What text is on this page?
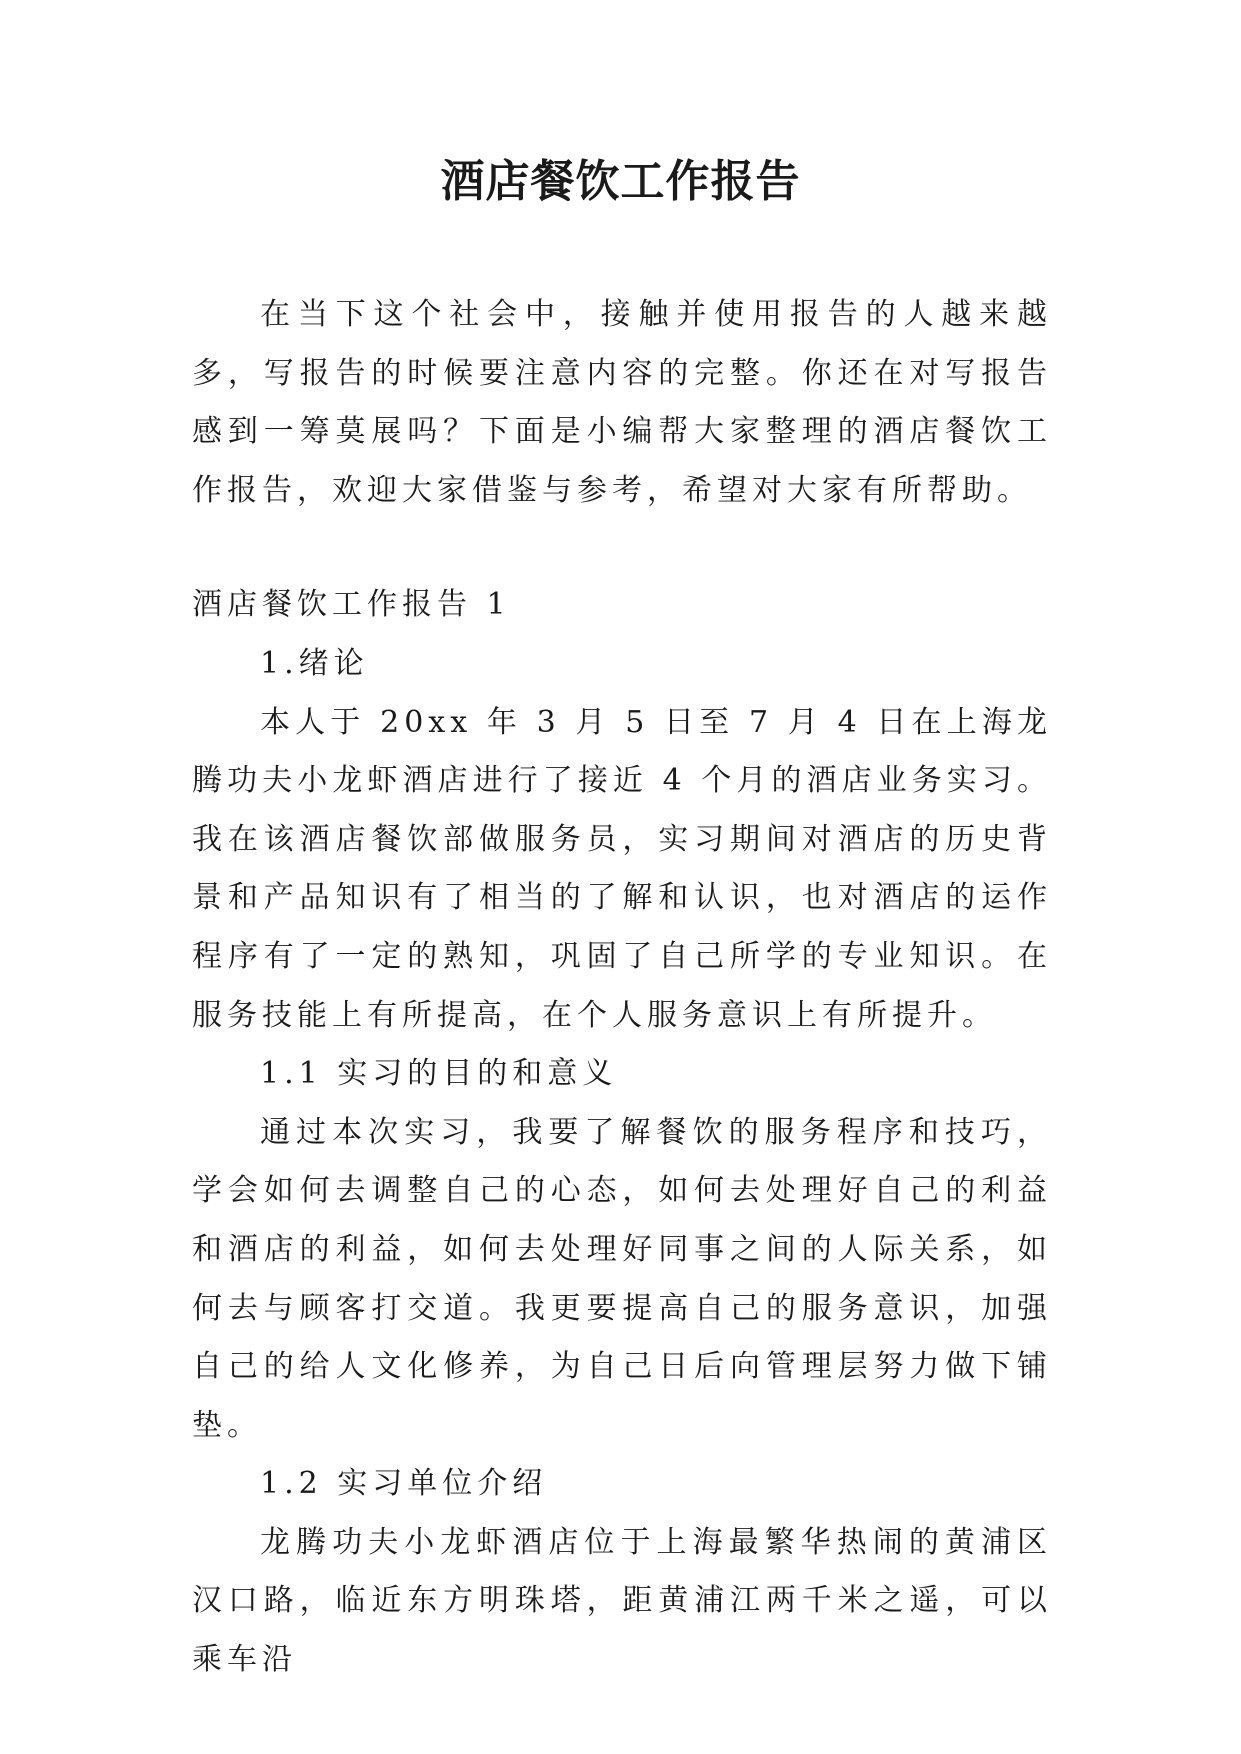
酒店餐饮工作报告

在当下这个社会中，接触并使用报告的人越来越多，写报告的时候要注意内容的完整。你还在对写报告感到一筹莫展吗？下面是小编帮大家整理的酒店餐饮工作报告，欢迎大家借鉴与参考，希望对大家有所帮助。

酒店餐饮工作报告 1

1.绪论

本人于 20xx 年 3 月 5 日至 7 月 4 日在上海龙腾功夫小龙虾酒店进行了接近 4 个月的酒店业务实习。我在该酒店餐饮部做服务员，实习期间对酒店的历史背景和产品知识有了相当的了解和认识，也对酒店的运作程序有了一定的熟知，巩固了自己所学的专业知识。在服务技能上有所提高，在个人服务意识上有所提升。

1.1 实习的目的和意义

通过本次实习，我要了解餐饮的服务程序和技巧，学会如何去调整自己的心态，如何去处理好自己的利益和酒店的利益，如何去处理好同事之间的人际关系，如何去与顾客打交道。我更要提高自己的服务意识，加强自己的给人文化修养，为自己日后向管理层努力做下铺垫。

1.2 实习单位介绍

龙腾功夫小龙虾酒店位于上海最繁华热闹的黄浦区汉口路，临近东方明珠塔，距黄浦江两千米之遥，可以乘车沿
